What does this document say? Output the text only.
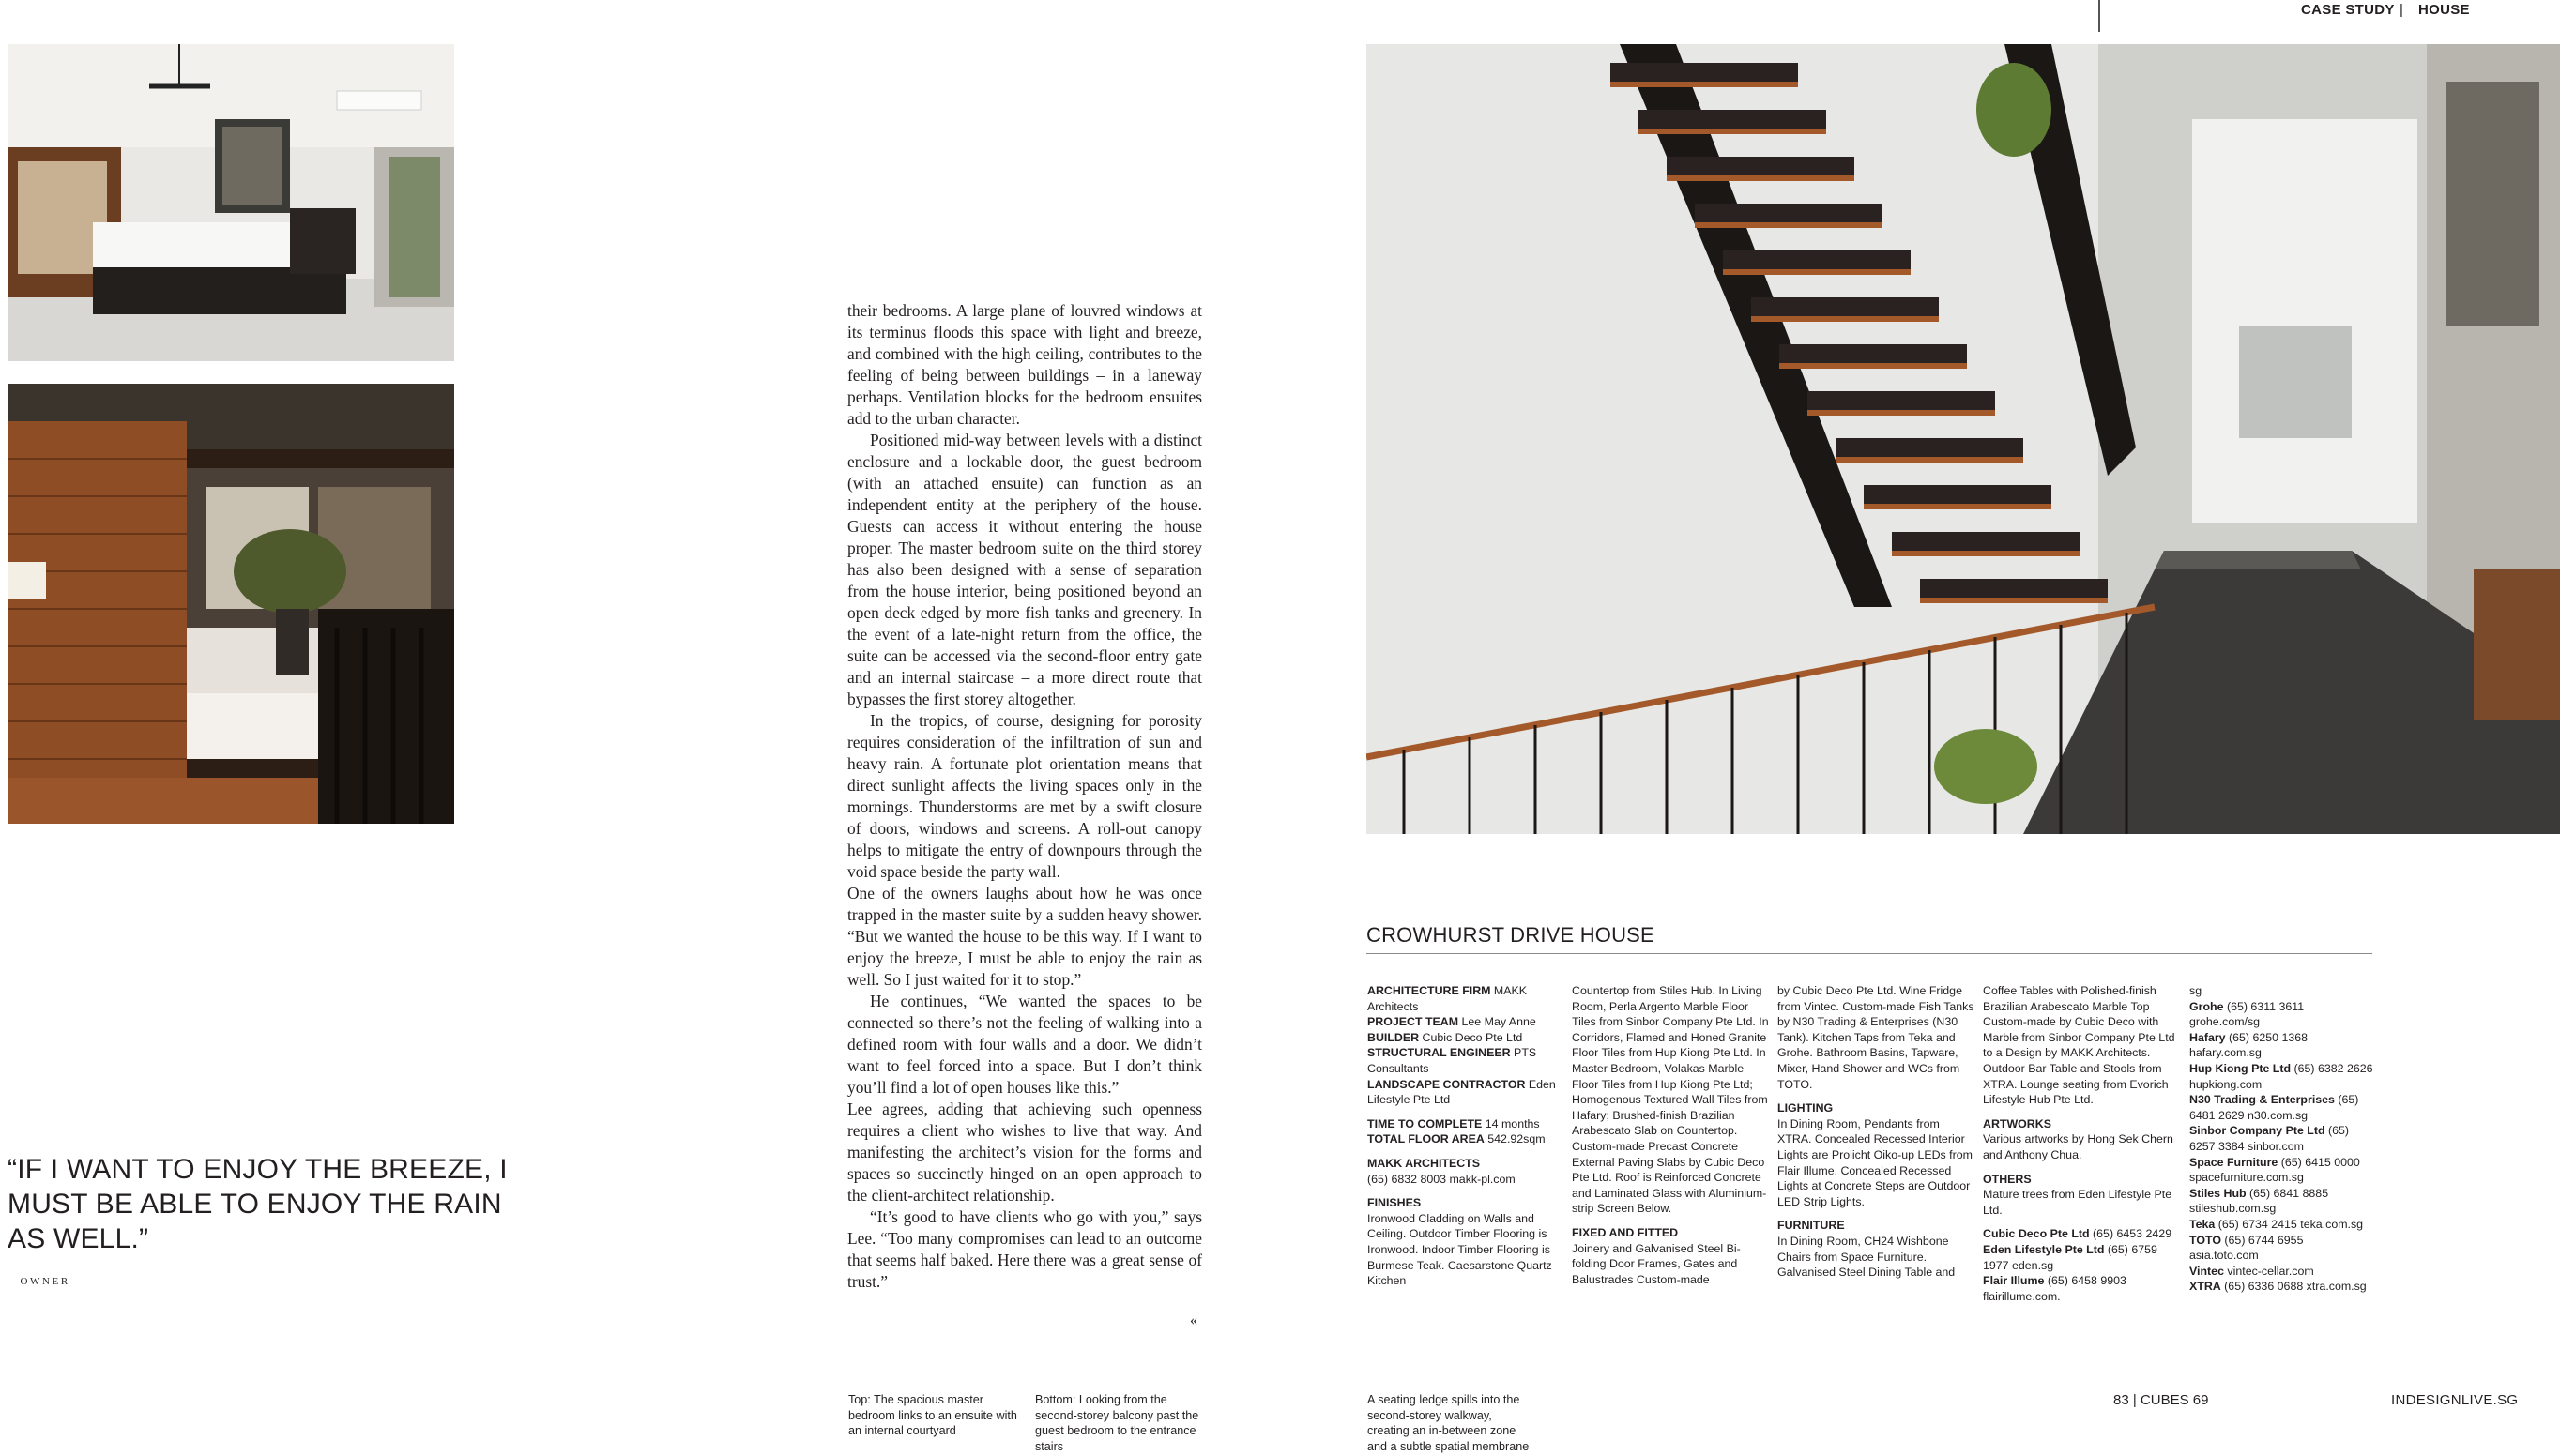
CASE STUDY | HOUSE

their bedrooms. A large plane of louvred windows at its terminus floods this space with light and breeze, and combined with the high ceiling, contributes to the feeling of being between buildings – in a laneway perhaps. Ventilation blocks for the bedroom ensuites add to the urban character.

Positioned mid-way between levels with a distinct enclosure and a lockable door, the guest bedroom (with an attached ensuite) can function as an independent entity at the periphery of the house. Guests can access it without entering the house proper. The master bedroom suite on the third storey has also been designed with a sense of separation from the house interior, being positioned beyond an open deck edged by more fish tanks and greenery. In the event of a late-night return from the office, the suite can be accessed via the second-floor entry gate and an internal staircase – a more direct route that bypasses the first storey altogether.

In the tropics, of course, designing for porosity requires consideration of the infiltration of sun and heavy rain. A fortunate plot orientation means that direct sunlight affects the living spaces only in the mornings. Thunderstorms are met by a swift closure of doors, windows and screens. A roll-out canopy helps to mitigate the entry of downpours through the void space beside the party wall.

One of the owners laughs about how he was once trapped in the master suite by a sudden heavy shower. “But we wanted the house to be this way. If I want to enjoy the breeze, I must be able to enjoy the rain as well. So I just waited for it to stop.”

He continues, “We wanted the spaces to be connected so there’s not the feeling of walking into a defined room with four walls and a door. We didn’t want to feel forced into a space. But I don’t think you’ll find a lot of open houses like this.”

Lee agrees, adding that achieving such openness requires a client who wishes to live that way. And manifesting the architect’s vision for the forms and spaces so succinctly hinged on an open approach to the client-architect relationship.

“It’s good to have clients who go with you,” says Lee. “Too many compromises can lead to an outcome that seems half baked. Here there was a great sense of trust.”

«
“IF I WANT TO ENJOY THE BREEZE, I MUST BE ABLE TO ENJOY THE RAIN AS WELL.”
– OWNER
Top: The spacious master bedroom links to an ensuite with an internal courtyard
Bottom: Looking from the second-storey balcony past the guest bedroom to the entrance stairs
A seating ledge spills into the second-storey walkway, creating an in-between zone and a subtle spatial membrane
CROWHURST DRIVE HOUSE

ARCHITECTURE FIRM MAKK Architects

PROJECT TEAM Lee May Anne

BUILDER Cubic Deco Pte Ltd

STRUCTURAL ENGINEER PTS Consultants

LANDSCAPE CONTRACTOR Eden Lifestyle Pte Ltd

TIME TO COMPLETE 14 months

TOTAL FLOOR AREA 542.92sqm

MAKK ARCHITECTS

(65) 6832 8003 makk-pl.com

FINISHES

Ironwood Cladding on Walls and Ceiling. Outdoor Timber Flooring is Ironwood. Indoor Timber Flooring is Burmese Teak. Caesarstone Quartz Kitchen

Countertop from Stiles Hub. In Living Room, Perla Argento Marble Floor Tiles from Sinbor Company Pte Ltd. In Corridors, Flamed and Honed Granite Floor Tiles from Hup Kiong Pte Ltd. In Master Bedroom, Volakas Marble Floor Tiles from Hup Kiong Pte Ltd; Homogenous Textured Wall Tiles from Hafary; Brushed-finish Brazilian Arabescato Slab on Countertop. Custom-made Precast Concrete External Paving Slabs by Cubic Deco Pte Ltd. Roof is Reinforced Concrete and Laminated Glass with Aluminium-strip Screen Below.

FIXED AND FITTED

Joinery and Galvanised Steel Bi-folding Door Frames, Gates and Balustrades Custom-made

by Cubic Deco Pte Ltd. Wine Fridge from Vintec. Custom-made Fish Tanks by N30 Trading & Enterprises (N30 Tank). Kitchen Taps from Teka and Grohe. Bathroom Basins, Tapware, Mixer, Hand Shower and WCs from TOTO.

LIGHTING

In Dining Room, Pendants from XTRA. Concealed Recessed Interior Lights are Prolicht Oiko-up LEDs from Flair Illume. Concealed Recessed Lights at Concrete Steps are Outdoor LED Strip Lights.

FURNITURE

In Dining Room, CH24 Wishbone Chairs from Space Furniture. Galvanised Steel Dining Table and

Coffee Tables with Polished-finish Brazilian Arabescato Marble Top Custom-made by Cubic Deco with Marble from Sinbor Company Pte Ltd to a Design by MAKK Architects. Outdoor Bar Table and Stools from XTRA. Lounge seating from Evorich Lifestyle Hub Pte Ltd.

ARTWORKS

Various artworks by Hong Sek Chern and Anthony Chua.

OTHERS

Mature trees from Eden Lifestyle Pte Ltd.

Cubic Deco Pte Ltd (65) 6453 2429

Eden Lifestyle Pte Ltd (65) 6759 1977 eden.sg

Flair Illume (65) 6458 9903 flairillume.com.

sg

Grohe (65) 6311 3611 grohe.com/sg

Hafary (65) 6250 1368 hafary.com.sg

Hup Kiong Pte Ltd (65) 6382 2626 hupkiong.com

N30 Trading & Enterprises (65) 6481 2629 n30.com.sg

Sinbor Company Pte Ltd (65) 6257 3384 sinbor.com

Space Furniture (65) 6415 0000 spacefurniture.com.sg

Stiles Hub (65) 6841 8885 stileshub.com.sg

Teka (65) 6734 2415 teka.com.sg

TOTO (65) 6744 6955 asia.toto.com

Vintec vintec-cellar.com

XTRA (65) 6336 0688 xtra.com.sg

83 | CUBES 69	INDESIGNLIVE.SG
